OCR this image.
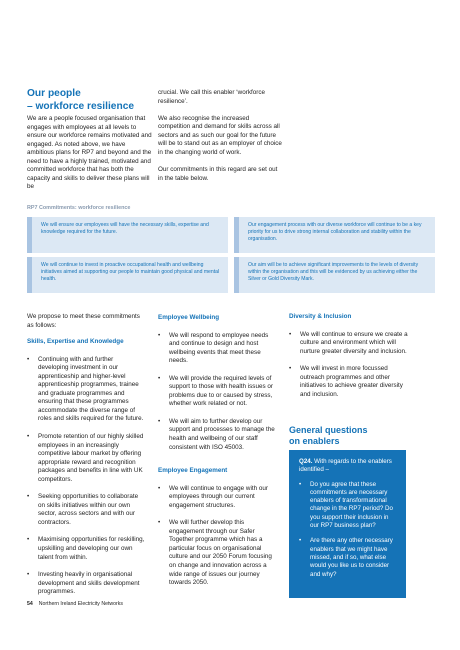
Our people
– workforce resilience

We are a people focused organisation that engages with employees at all levels to ensure our workforce remains motivated and engaged. As noted above, we have ambitious plans for RP7 and beyond and the need to have a highly trained, motivated and committed workforce that has both the capacity and skills to deliver these plans will be

crucial. We call this enabler ‘workforce resilience’.

We also recognise the increased competition and demand for skills across all sectors and as such our goal for the future will be to stand out as an employer of choice in the changing world of work.

Our commitments in this regard are set out in the table below.

RP7 Commitments: workforce resilience
We will ensure our employees will have the necessary skills, expertise and knowledge required for the future.
Our engagement process with our diverse workforce will continue to be a key priority for us to drive strong internal collaboration and stability within the organisation.
We will continue to invest in proactive occupational health and wellbeing initiatives aimed at supporting our people to maintain good physical and mental health.
Our aim will be to achieve significant improvements to the levels of diversity within the organisation and this will be evidenced by us achieving either the Silver or Gold Diversity Mark.

We propose to meet these commitments as follows:

Skills, Expertise and Knowledge
• Continuing with and further developing investment in our apprenticeship and higher-level apprenticeship programmes, trainee and graduate programmes and ensuring that these programmes accommodate the diverse range of roles and skills required for the future.
• Promote retention of our highly skilled employees in an increasingly competitive labour market by offering appropriate reward and recognition packages and benefits in line with UK competitors.
• Seeking opportunities to collaborate on skills initiatives within our own sector, across sectors and with our contractors.
• Maximising opportunities for reskilling, upskilling and developing our own talent from within.
• Investing heavily in organisational development and skills development programmes.
Employee Wellbeing
• We will respond to employee needs and continue to design and host wellbeing events that meet these needs.
• We will provide the required levels of support to those with health issues or problems due to or caused by stress, whether work related or not.
• We will aim to further develop our support and processes to manage the health and wellbeing of our staff consistent with ISO 45003.
Employee Engagement
• We will continue to engage with our employees through our current engagement structures.
• We will further develop this engagement through our Safer Together programme which has a particular focus on organisational culture and our 2050 Forum focusing on change and innovation across a wide range of issues our journey towards 2050.
Diversity & Inclusion
• We will continue to ensure we create a culture and environment which will nurture greater diversity and inclusion.
• We will invest in more focussed outreach programmes and other initiatives to achieve greater diversity and inclusion.
General questions
on enablers

Q24. With regards to the enablers identified –

• Do you agree that these commitments are necessary enablers of transformational change in the RP7 period? Do you support their inclusion in our RP7 business plan?
• Are there any other necessary enablers that we might have missed, and if so, what else would you like us to consider and why?
54 Northern Ireland Electricity Networks
